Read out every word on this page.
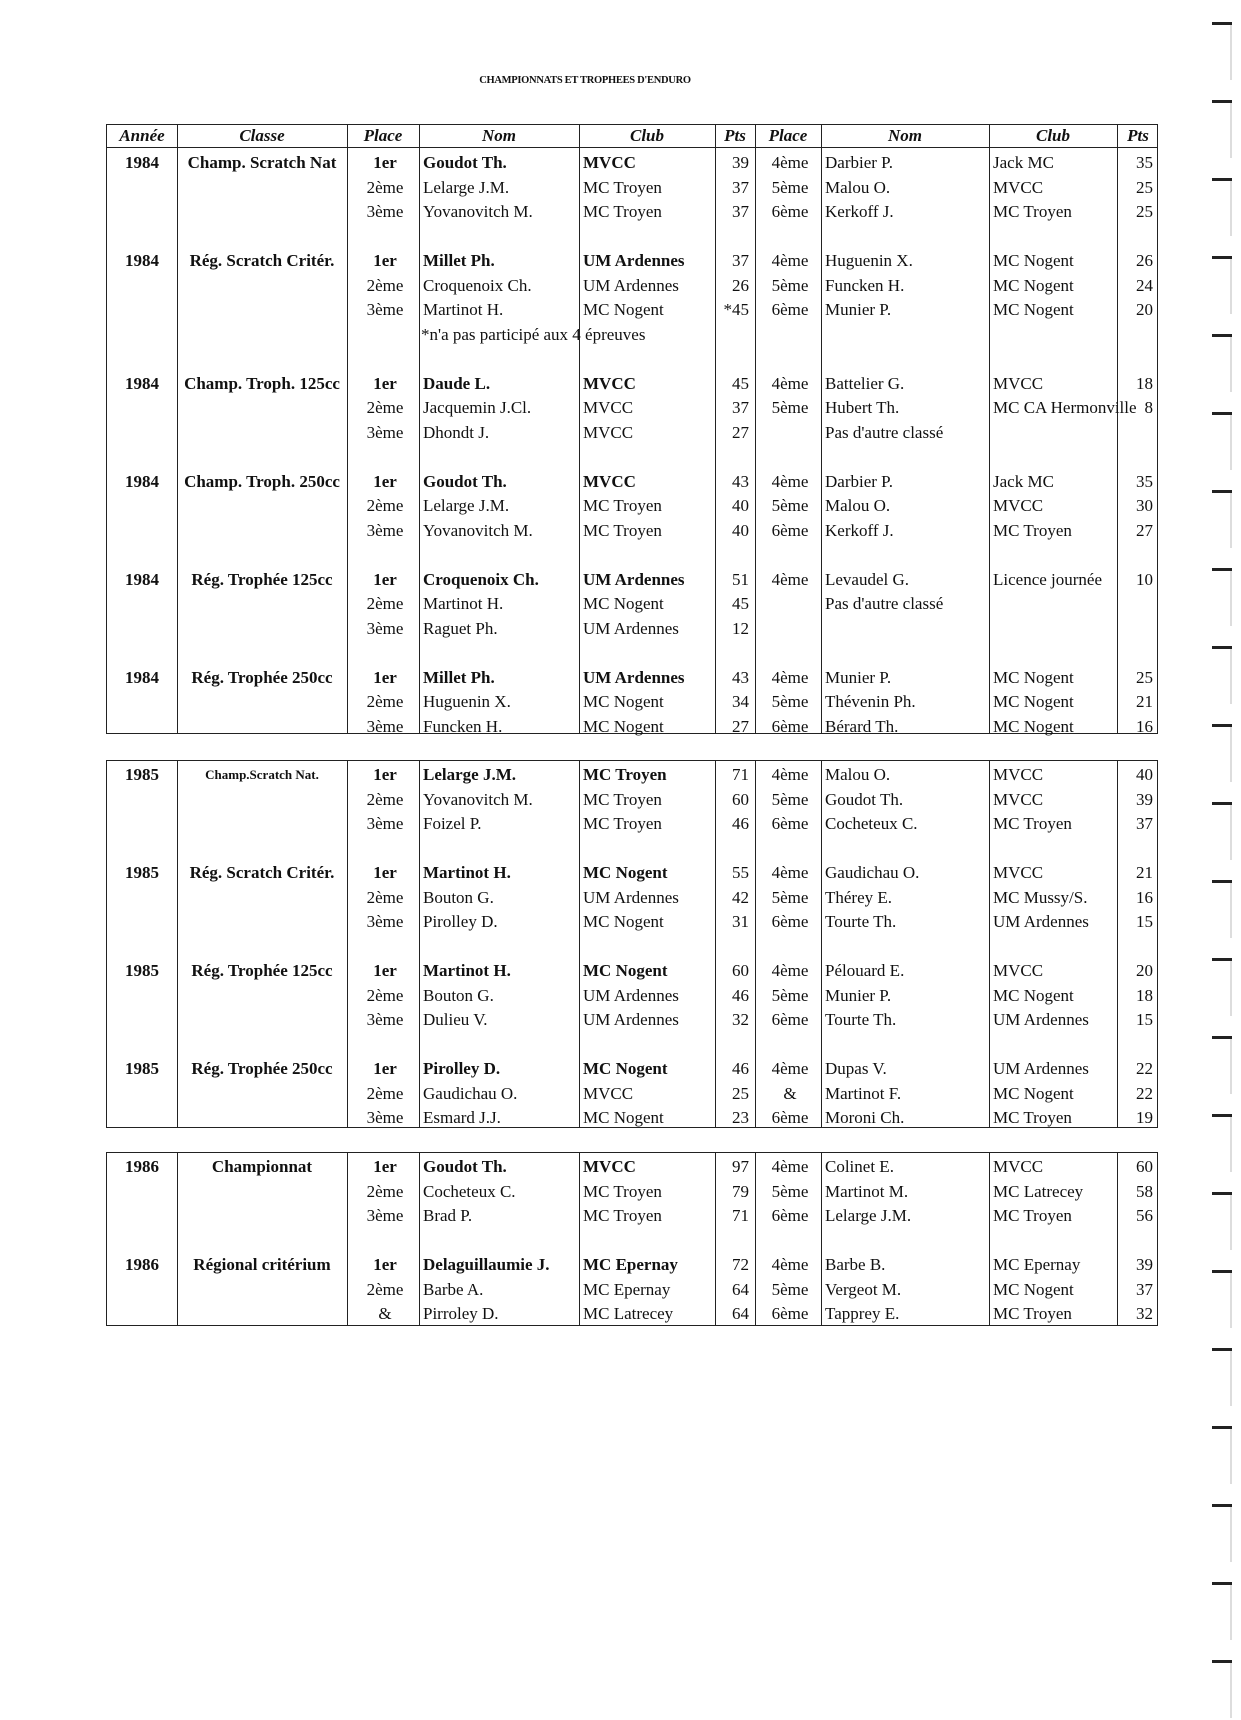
CHAMPIONNATS ET TROPHEES D'ENDURO
Année	Classe	Place	Nom	Club	Pts	Place	Nom	Club	Pts
1984	Champ. Scratch Nat	1er	Goudot Th.	MVCC	39	4ème Darbier P.	Jack MC	35
2ème	Lelarge J.M.	MC Troyen	37	5ème Malou O.	MVCC	25
3ème	Yovanovitch M.	MC Troyen	37	6ème Kerkoff J.	MC Troyen	25
1984	Rég. Scratch Critér.	1er	Millet Ph.	UM Ardennes	37	4ème Huguenin X.	MC Nogent	26
2ème	Croquenoix Ch.	UM Ardennes	26	5ème Funcken H.	MC Nogent	24
3ème	Martinot H.	MC Nogent	*45	6ème Munier P.	MC Nogent	20
*n'a pas participé aux 4 épreuves
1984	Champ. Troph. 125cc	1er	Daude L.	MVCC	45	4ème Battelier G.	MVCC	18
2ème	Jacquemin J.Cl.	MVCC	37	5ème Hubert Th.	MC CA Hermonville 8
3ème	Dhondt J.	MVCC	27	Pas d'autre classé
1984	Champ. Troph. 250cc	1er	Goudot Th.	MVCC	43	4ème Darbier P.	Jack MC	35
2ème	Lelarge J.M.	MC Troyen	40	5ème Malou O.	MVCC	30
3ème	Yovanovitch M.	MC Troyen	40	6ème Kerkoff J.	MC Troyen	27
1984	Rég. Trophée 125cc	1er	Croquenoix Ch.	UM Ardennes	51	4ème Levaudel G.	Licence journée	10
2ème	Martinot H.	MC Nogent	45	Pas d'autre classé
3ème	Raguet Ph.	UM Ardennes	12
1984	Rég. Trophée 250cc	1er	Millet Ph.	UM Ardennes	43	4ème Munier P.	MC Nogent	25
2ème	Huguenin X.	MC Nogent	34	5ème Thévenin Ph.	MC Nogent	21
3ème	Funcken H.	MC Nogent	27	6ème Bérard Th.	MC Nogent	16
1985	Champ.Scratch Nat.	1er	Lelarge J.M.	MC Troyen	71	4ème Malou O.	MVCC	40
2ème	Yovanovitch M.	MC Troyen	60	5ème Goudot Th.	MVCC	39
3ème	Foizel P.	MC Troyen	46	6ème Cocheteux C.	MC Troyen	37
1985	Rég. Scratch Critér.	1er	Martinot H.	MC Nogent	55	4ème Gaudichau O.	MVCC	21
2ème	Bouton G.	UM Ardennes	42	5ème Thérey E.	MC Mussy/S.	16
3ème	Pirolley D.	MC Nogent	31	6ème Tourte Th.	UM Ardennes	15
1985	Rég. Trophée 125cc	1er	Martinot H.	MC Nogent	60	4ème Pélouard E.	MVCC	20
2ème	Bouton G.	UM Ardennes	46	5ème Munier P.	MC Nogent	18
3ème	Dulieu V.	UM Ardennes	32	6ème Tourte Th.	UM Ardennes	15
1985	Rég. Trophée 250cc	1er	Pirolley D.	MC Nogent	46	4ème Dupas V.	UM Ardennes	22
2ème	Gaudichau O.	MVCC	25	&	Martinot F.	MC Nogent	22
3ème	Esmard J.J.	MC Nogent	23	6ème Moroni Ch.	MC Troyen	19
1986	Championnat	1er	Goudot Th.	MVCC	97	4ème Colinet E.	MVCC	60
2ème	Cocheteux C.	MC Troyen	79	5ème Martinot M.	MC Latrecey	58
3ème	Brad P.	MC Troyen	71	6ème Lelarge J.M.	MC Troyen	56
1986	Régional critérium	1er	Delaguillaumie J.	MC Epernay	72	4ème Barbe B.	MC Epernay	39
2ème	Barbe A.	MC Epernay	64	5ème Vergeot M.	MC Nogent	37
&	Pirroley D.	MC Latrecey	64	6ème Tapprey E.	MC Troyen	32
